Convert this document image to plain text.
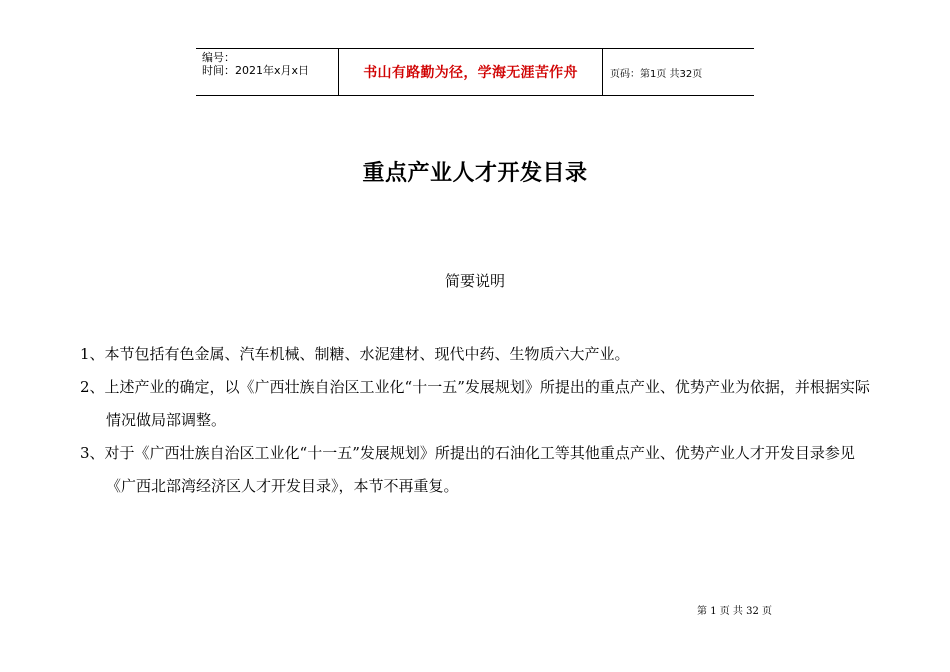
编号：
时间：2021年x月x日	书山有路勤为径，学海无涯苦作舟	页码：第1页 共32页
重点产业人才开发目录
简要说明

1、本节包括有色金属、汽车机械、制糖、水泥建材、现代中药、生物质六大产业。

2、上述产业的确定，以《广西壮族自治区工业化“十一五”发展规划》所提出的重点产业、优势产业为依据，并根据实际情况做局部调整。

3、对于《广西壮族自治区工业化“十一五”发展规划》所提出的石油化工等其他重点产业、优势产业人才开发目录参见《广西北部湾经济区人才开发目录》，本节不再重复。

第 1 页 共 32 页
